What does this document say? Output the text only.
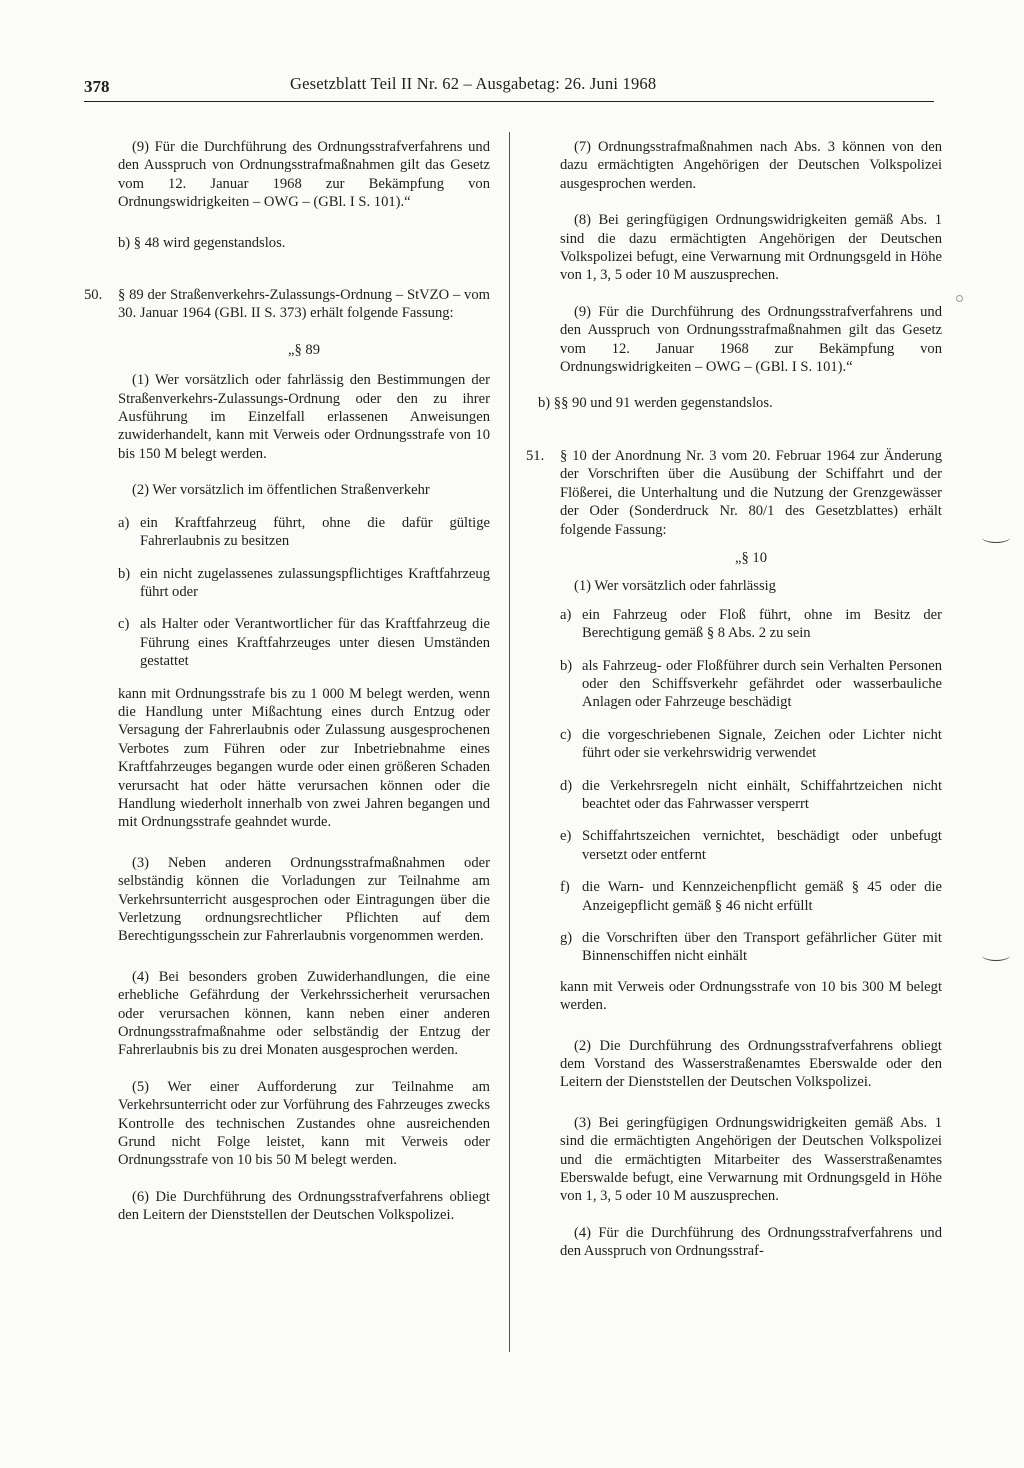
378	Gesetzblatt Teil II Nr. 62 – Ausgabetag: 26. Juni 1968

(9) Für die Durchführung des Ordnungsstrafverfahrens und den Ausspruch von Ordnungsstrafmaßnahmen gilt das Gesetz vom 12. Januar 1968 zur Bekämpfung von Ordnungswidrigkeiten – OWG – (GBl. I S. 101).“

b) § 48 wird gegenstandslos.

50. § 89 der Straßenverkehrs-Zulassungs-Ordnung – StVZO – vom 30. Januar 1964 (GBl. II S. 373) erhält folgende Fassung:

„§ 89

(1) Wer vorsätzlich oder fahrlässig den Bestimmungen der Straßenverkehrs-Zulassungs-Ordnung oder den zu ihrer Ausführung im Einzelfall erlassenen Anweisungen zuwiderhandelt, kann mit Verweis oder Ordnungsstrafe von 10 bis 150 M belegt werden.

(2) Wer vorsätzlich im öffentlichen Straßenverkehr

a) ein Kraftfahrzeug führt, ohne die dafür gültige Fahrerlaubnis zu besitzen

b) ein nicht zugelassenes zulassungspflichtiges Kraftfahrzeug führt oder

c) als Halter oder Verantwortlicher für das Kraftfahrzeug die Führung eines Kraftfahrzeuges unter diesen Umständen gestattet

kann mit Ordnungsstrafe bis zu 1 000 M belegt werden, wenn die Handlung unter Mißachtung eines durch Entzug oder Versagung der Fahrerlaubnis oder Zulassung ausgesprochenen Verbotes zum Führen oder zur Inbetriebnahme eines Kraftfahrzeuges begangen wurde oder einen größeren Schaden verursacht hat oder hätte verursachen können oder die Handlung wiederholt innerhalb von zwei Jahren begangen und mit Ordnungsstrafe geahndet wurde.

(3) Neben anderen Ordnungsstrafmaßnahmen oder selbständig können die Vorladungen zur Teilnahme am Verkehrsunterricht ausgesprochen oder Eintragungen über die Verletzung ordnungsrechtlicher Pflichten auf dem Berechtigungsschein zur Fahrerlaubnis vorgenommen werden.

(4) Bei besonders groben Zuwiderhandlungen, die eine erhebliche Gefährdung der Verkehrssicherheit verursachen oder verursachen können, kann neben einer anderen Ordnungsstrafmaßnahme oder selbständig der Entzug der Fahrerlaubnis bis zu drei Monaten ausgesprochen werden.

(5) Wer einer Aufforderung zur Teilnahme am Verkehrsunterricht oder zur Vorführung des Fahrzeuges zwecks Kontrolle des technischen Zustandes ohne ausreichenden Grund nicht Folge leistet, kann mit Verweis oder Ordnungsstrafe von 10 bis 50 M belegt werden.

(6) Die Durchführung des Ordnungsstrafverfahrens obliegt den Leitern der Dienststellen der Deutschen Volkspolizei.

(7) Ordnungsstrafmaßnahmen nach Abs. 3 können von den dazu ermächtigten Angehörigen der Deutschen Volkspolizei ausgesprochen werden.

(8) Bei geringfügigen Ordnungswidrigkeiten gemäß Abs. 1 sind die dazu ermächtigten Angehörigen der Deutschen Volkspolizei befugt, eine Verwarnung mit Ordnungsgeld in Höhe von 1, 3, 5 oder 10 M auszusprechen.

(9) Für die Durchführung des Ordnungsstrafverfahrens und den Ausspruch von Ordnungsstrafmaßnahmen gilt das Gesetz vom 12. Januar 1968 zur Bekämpfung von Ordnungswidrigkeiten – OWG – (GBl. I S. 101).“

b) §§ 90 und 91 werden gegenstandslos.

51. § 10 der Anordnung Nr. 3 vom 20. Februar 1964 zur Änderung der Vorschriften über die Ausübung der Schiffahrt und der Flößerei, die Unterhaltung und die Nutzung der Grenzgewässer der Oder (Sonderdruck Nr. 80/1 des Gesetzblattes) erhält folgende Fassung:

„§ 10

(1) Wer vorsätzlich oder fahrlässig

a) ein Fahrzeug oder Floß führt, ohne im Besitz der Berechtigung gemäß § 8 Abs. 2 zu sein

b) als Fahrzeug- oder Floßführer durch sein Verhalten Personen oder den Schiffsverkehr gefährdet oder wasserbauliche Anlagen oder Fahrzeuge beschädigt

c) die vorgeschriebenen Signale, Zeichen oder Lichter nicht führt oder sie verkehrswidrig verwendet

d) die Verkehrsregeln nicht einhält, Schiffahrtzeichen nicht beachtet oder das Fahrwasser versperrt

e) Schiffahrtszeichen vernichtet, beschädigt oder unbefugt versetzt oder entfernt

f) die Warn- und Kennzeichenpflicht gemäß § 45 oder die Anzeigepflicht gemäß § 46 nicht erfüllt

g) die Vorschriften über den Transport gefährlicher Güter mit Binnenschiffen nicht einhält

kann mit Verweis oder Ordnungsstrafe von 10 bis 300 M belegt werden.

(2) Die Durchführung des Ordnungsstrafverfahrens obliegt dem Vorstand des Wasserstraßenamtes Eberswalde oder den Leitern der Dienststellen der Deutschen Volkspolizei.

(3) Bei geringfügigen Ordnungswidrigkeiten gemäß Abs. 1 sind die ermächtigten Angehörigen der Deutschen Volkspolizei und die ermächtigten Mitarbeiter des Wasserstraßenamtes Eberswalde befugt, eine Verwarnung mit Ordnungsgeld in Höhe von 1, 3, 5 oder 10 M auszusprechen.

(4) Für die Durchführung des Ordnungsstrafverfahrens und den Ausspruch von Ordnungsstraf-
